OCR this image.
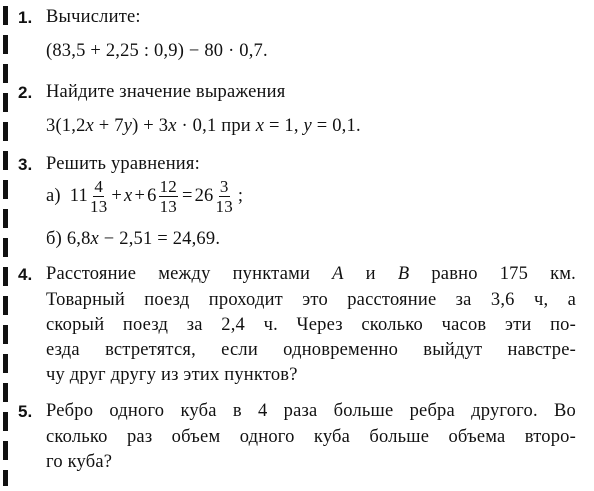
1. Вычислите:
(83,5 + 2,25 : 0,9) − 80 · 0,7.
2. Найдите значение выражения
3(1,2x + 7y) + 3x · 0,1 при x = 1, y = 0,1.
3. Решить уравнения:
а) $11 \frac{4}{13} + x + 6 \frac{12}{13} = 26 \frac{3}{13}$ ;
б) 6,8x − 2,51 = 24,69.
4. Расстояние между пунктами A и B равно 175 км.
Товарный поезд проходит это расстояние за 3,6 ч, а
скорый поезд за 2,4 ч. Через сколько часов эти по-
езда встретятся, если одновременно выйдут навстре-
чу друг другу из этих пунктов?
5. Ребро одного куба в 4 раза больше ребра другого. Во
сколько раз объем одного куба больше объема второ-
го куба?
